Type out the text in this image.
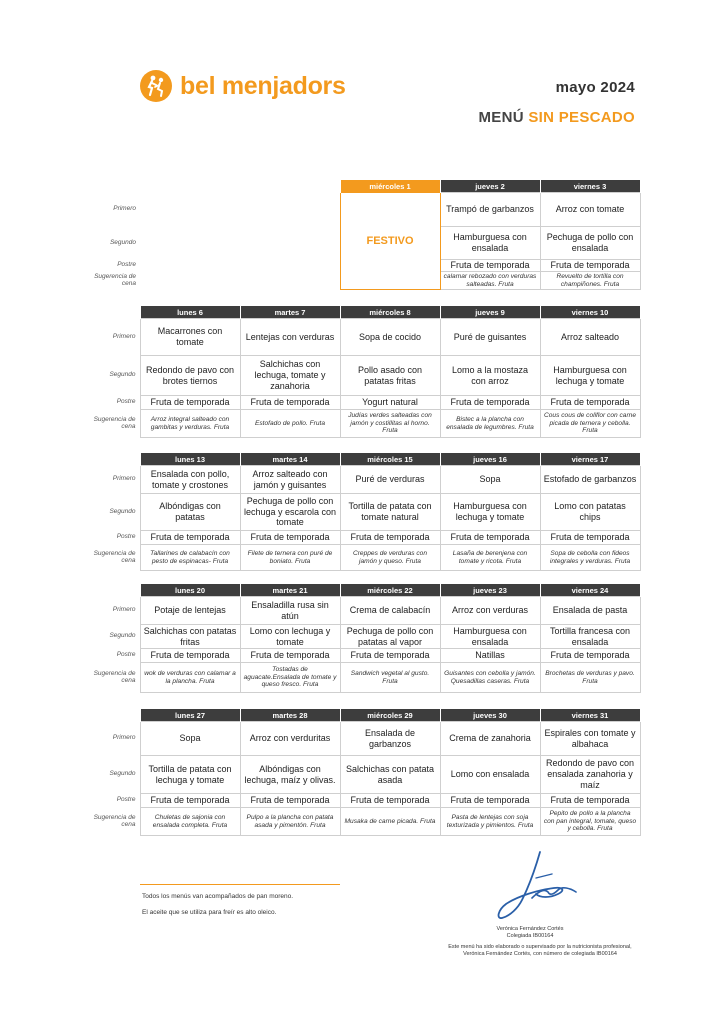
bel menjadors	mayo 2024
MENÚ SIN PESCADO
			miércoles 1	jueves 2	viernes 3
Primero			FESTIVO	Trampó de garbanzos	Arroz con tomate
Segundo				Hamburguesa con ensalada	Pechuga de pollo con ensalada
Postre				Fruta de temporada	Fruta de temporada
Sugerencia de cena				calamar rebozado con verduras salteadas. Fruta	Revuelto de tortilla con champiñones. Fruta
	lunes 6	martes 7	miércoles 8	jueves 9	viernes 10
Primero	Macarrones con tomate	Lentejas con verduras	Sopa de cocido	Puré de guisantes	Arroz salteado
Segundo	Redondo de pavo con brotes tiernos	Salchichas con lechuga, tomate y zanahoria	Pollo asado con patatas fritas	Lomo a la mostaza con arroz	Hamburguesa con lechuga y tomate
Postre	Fruta de temporada	Fruta de temporada	Yogurt natural	Fruta de temporada	Fruta de temporada
Sugerencia de cena	Arroz integral salteado con gambitas y verduras. Fruta	Estofado de pollo. Fruta	Judías verdes salteadas con jamón y costillitas al horno. Fruta	Bistec a la plancha con ensalada de legumbres. Fruta	Cous cous de coliflor con carne picada de ternera y cebolla. Fruta
	lunes 13	martes 14	miércoles 15	jueves 16	viernes 17
Primero	Ensalada con pollo, tomate y crostones	Arroz salteado con jamón y guisantes	Puré de verduras	Sopa	Estofado de garbanzos
Segundo	Albóndigas con patatas	Pechuga de pollo con lechuga y escarola con tomate	Tortilla de patata con tomate natural	Hamburguesa con lechuga y tomate	Lomo con patatas chips
Postre	Fruta de temporada	Fruta de temporada	Fruta de temporada	Fruta de temporada	Fruta de temporada
Sugerencia de cena	Tallarines de calabacín con pesto de espinacas- Fruta	Filete de ternera con puré de boniato. Fruta	Creppes de verduras con jamón y queso. Fruta	Lasaña de berenjena con tomate y ricota. Fruta	Sopa de cebolla con fideos integrales y verduras. Fruta
	lunes 20	martes 21	miércoles 22	jueves 23	viernes 24
Primero	Potaje de lentejas	Ensaladilla rusa sin atún	Crema de calabacín	Arroz con verduras	Ensalada de pasta
Segundo	Salchichas con patatas fritas	Lomo con lechuga y tomate	Pechuga de pollo con patatas al vapor	Hamburguesa con ensalada	Tortilla francesa con ensalada
Postre	Fruta de temporada	Fruta de temporada	Fruta de temporada	Natillas	Fruta de temporada
Sugerencia de cena	wok de verduras con calamar a la plancha. Fruta	Tostadas de aguacate.Ensalada de tomate y queso fresco. Fruta	Sandwich vegetal al gusto. Fruta	Guisantes con cebolla y jamón. Quesadillas caseras. Fruta	Brochetas de verduras y pavo. Fruta
	lunes 27	martes 28	miércoles 29	jueves 30	viernes 31
Primero	Sopa	Arroz con verduritas	Ensalada de garbanzos	Crema de zanahoria	Espirales con tomate y albahaca
Segundo	Tortilla de patata con lechuga y tomate	Albóndigas con lechuga, maíz y olivas.	Salchichas con patata asada	Lomo con ensalada	Redondo de pavo con ensalada zanahoria y maíz
Postre	Fruta de temporada	Fruta de temporada	Fruta de temporada	Fruta de temporada	Fruta de temporada
Sugerencia de cena	Chuletas de sajonia con ensalada completa. Fruta	Pulpo a la plancha con patata asada y pimentón. Fruta	Musaka de carne picada. Fruta	Pasta de lentejas con soja texturizada y pimientos. Fruta	Pepito de pollo a la plancha con pan integral, tomate, queso y cebolla. Fruta
Todos los menús van acompañados de pan moreno.
El aceite que se utiliza para freír es alto oleico.
Verónica Fernández Cortés
Colegiada IB00164
Este menú ha sido elaborado o supervisado por la nutricionista profesional,
Verónica Fernández Cortés, con número de colegiada IB00164
